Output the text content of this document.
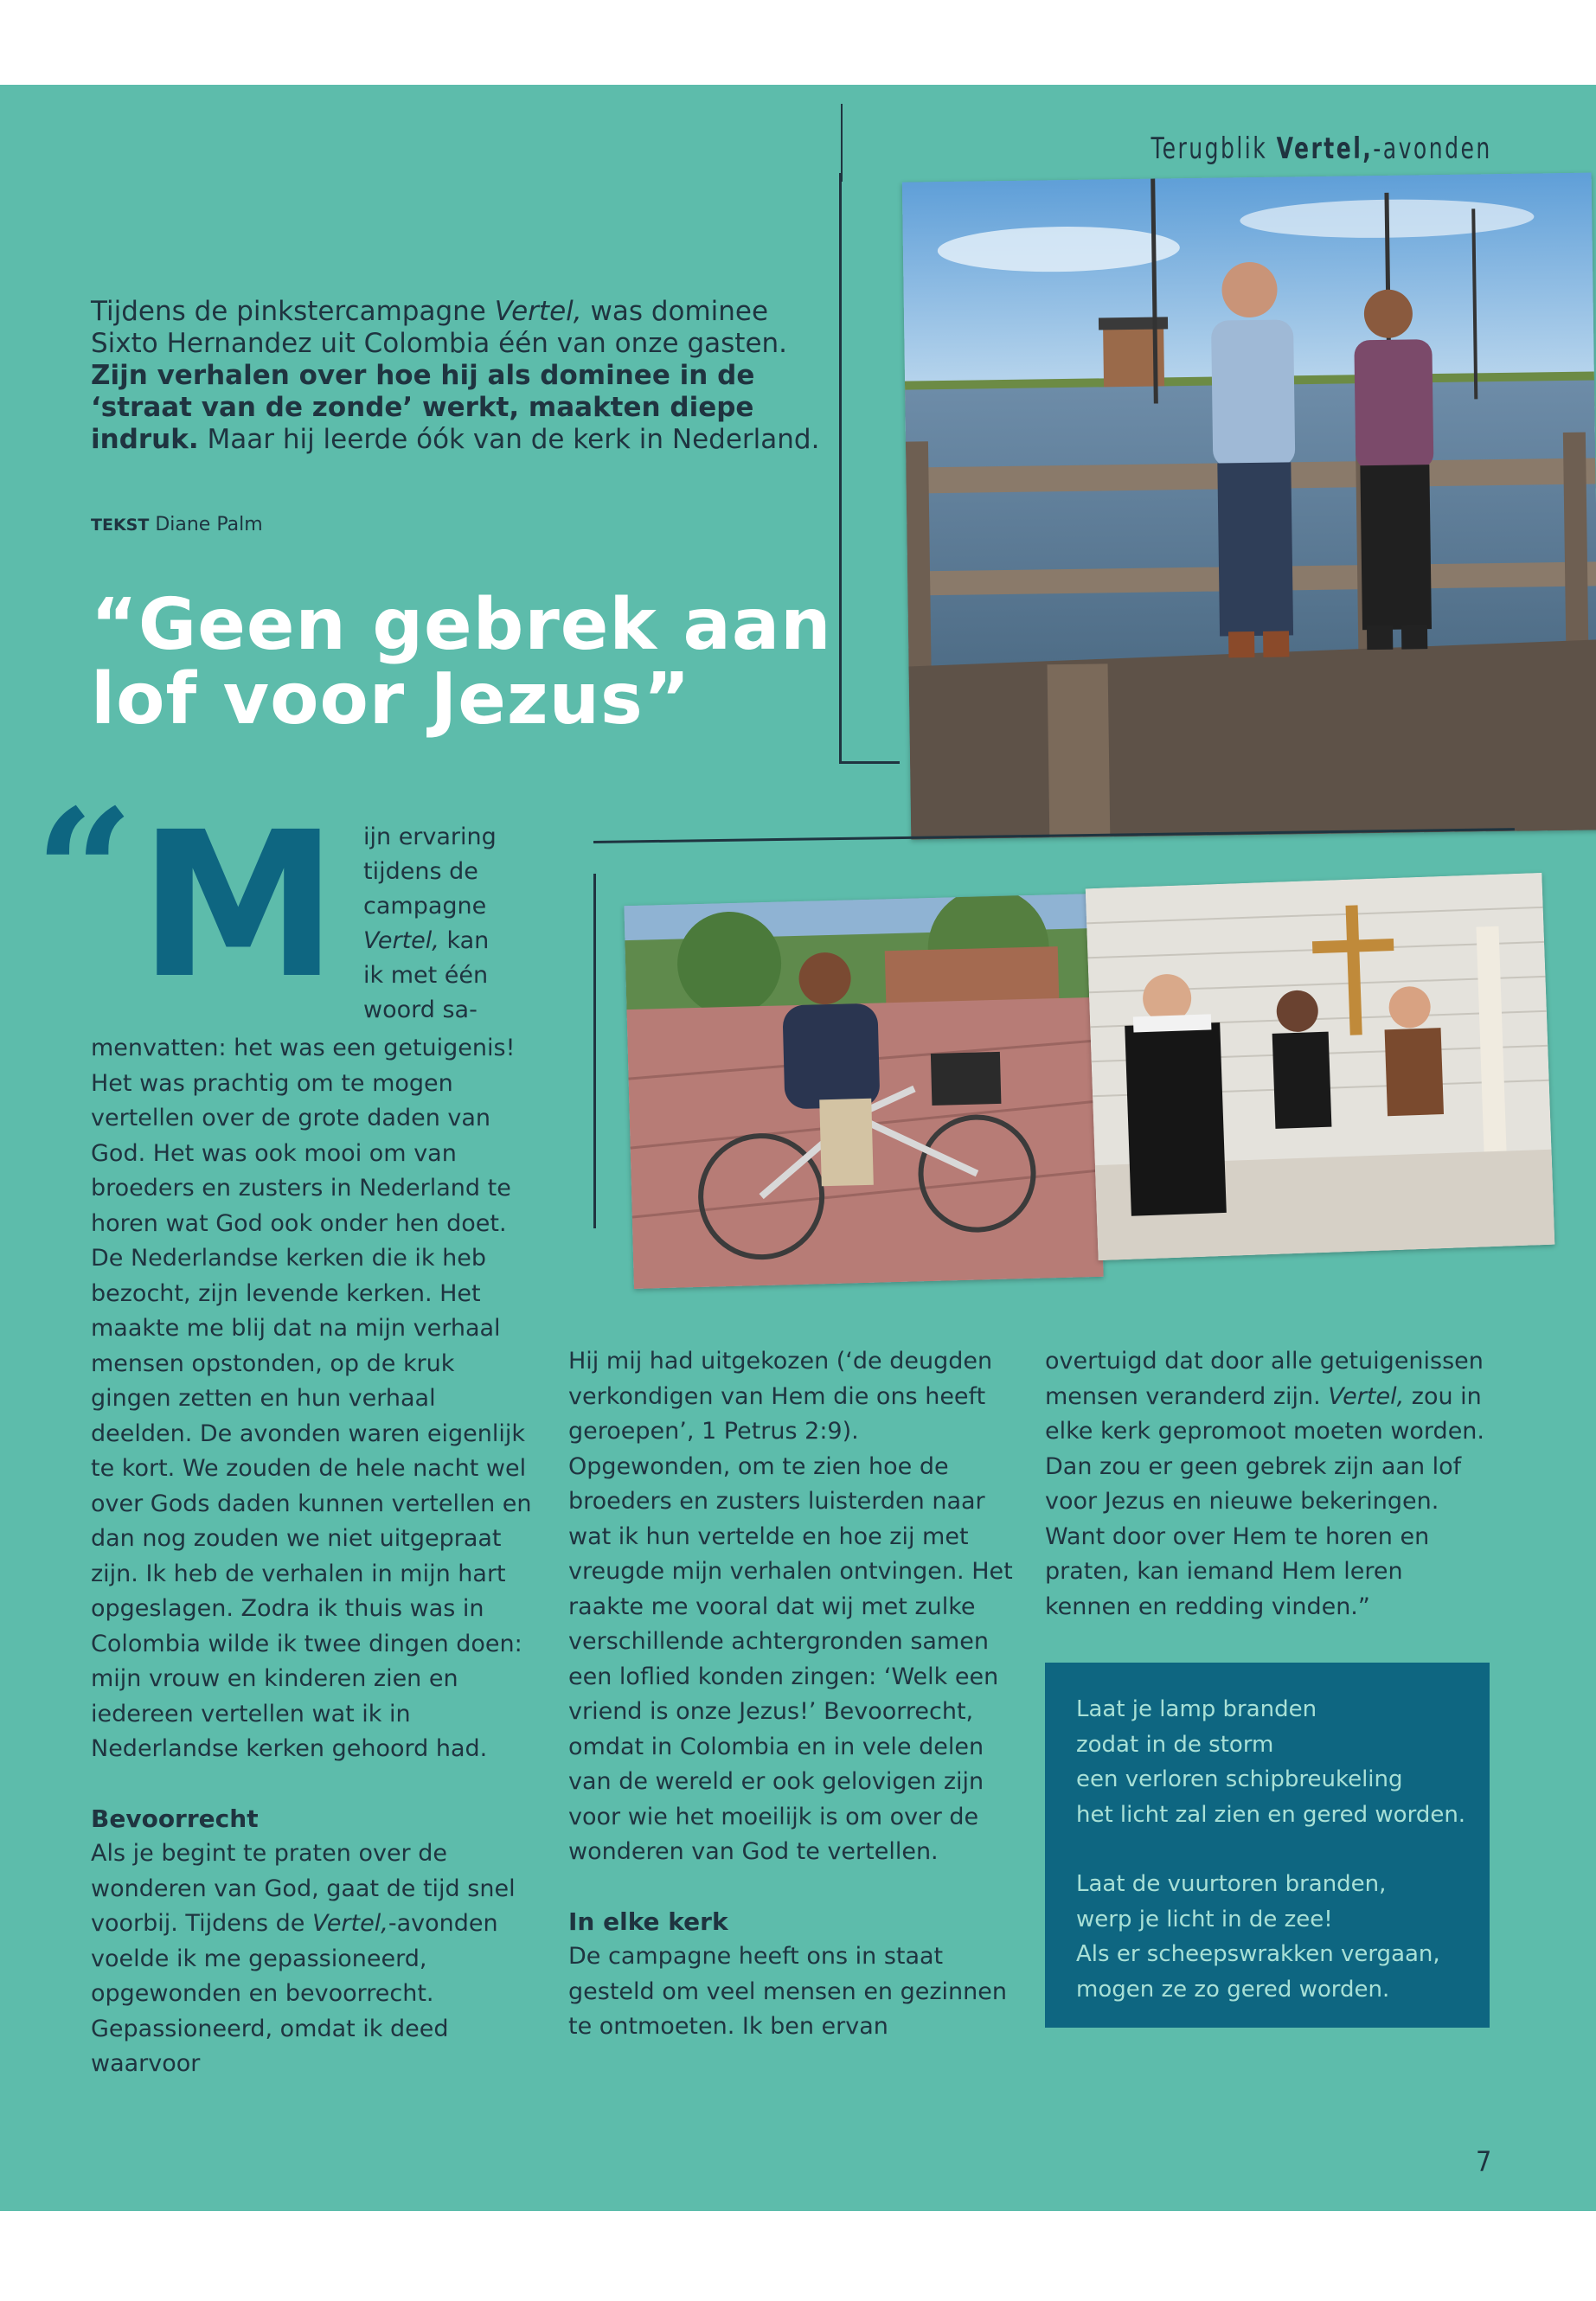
Terugblik Vertel,-avonden
Tijdens de pinkstercampagne Vertel, was dominee Sixto Hernandez uit Colombia één van onze gasten. Zijn verhalen over hoe hij als dominee in de ‘straat van de zonde’ werkt, maakten diepe indruk. Maar hij leerde óók van de kerk in Nederland.
TEKST Diane Palm
“Geen gebrek aan
lof voor Jezus”
“ M ijn ervaring
tijdens de
campagne
Vertel, kan
ik met één
woord sa-

menvatten: het was een getuigenis! Het was prachtig om te mogen vertellen over de grote daden van God. Het was ook mooi om van broeders en zusters in Nederland te horen wat God ook onder hen doet. De Nederlandse kerken die ik heb bezocht, zijn levende kerken. Het maakte me blij dat na mijn verhaal mensen opstonden, op de kruk gingen zetten en hun verhaal deelden. De avonden waren eigenlijk te kort. We zouden de hele nacht wel over Gods daden kunnen vertellen en dan nog zouden we niet uitgepraat zijn. Ik heb de verhalen in mijn hart opgeslagen. Zodra ik thuis was in Colombia wilde ik twee dingen doen: mijn vrouw en kinderen zien en iedereen vertellen wat ik in Nederlandse kerken gehoord had.

Bevoorrecht

Als je begint te praten over de wonderen van God, gaat de tijd snel voorbij. Tijdens de Vertel,-avonden voelde ik me gepassioneerd, opgewonden en bevoorrecht. Gepassioneerd, omdat ik deed waarvoor

Hij mij had uitgekozen (‘de deugden verkondigen van Hem die ons heeft geroepen’, 1 Petrus 2:9). Opgewonden, om te zien hoe de broeders en zusters luisterden naar wat ik hun vertelde en hoe zij met vreugde mijn verhalen ontvingen. Het raakte me vooral dat wij met zulke verschillende achtergronden samen een loflied konden zingen: ‘Welk een vriend is onze Jezus!’ Bevoorrecht, omdat in Colombia en in vele delen van de wereld er ook gelovigen zijn voor wie het moeilijk is om over de wonderen van God te vertellen.

In elke kerk

De campagne heeft ons in staat gesteld om veel mensen en gezinnen te ontmoeten. Ik ben ervan

overtuigd dat door alle getuigenissen mensen veranderd zijn. Vertel, zou in elke kerk gepromoot moeten worden. Dan zou er geen gebrek zijn aan lof voor Jezus en nieuwe bekeringen. Want door over Hem te horen en praten, kan iemand Hem leren kennen en redding vinden.”

Laat je lamp branden

zodat in de storm

een verloren schipbreukeling

het licht zal zien en gered worden.

Laat de vuurtoren branden,

werp je licht in de zee!

Als er scheepswrakken vergaan,

mogen ze zo gered worden.

7
